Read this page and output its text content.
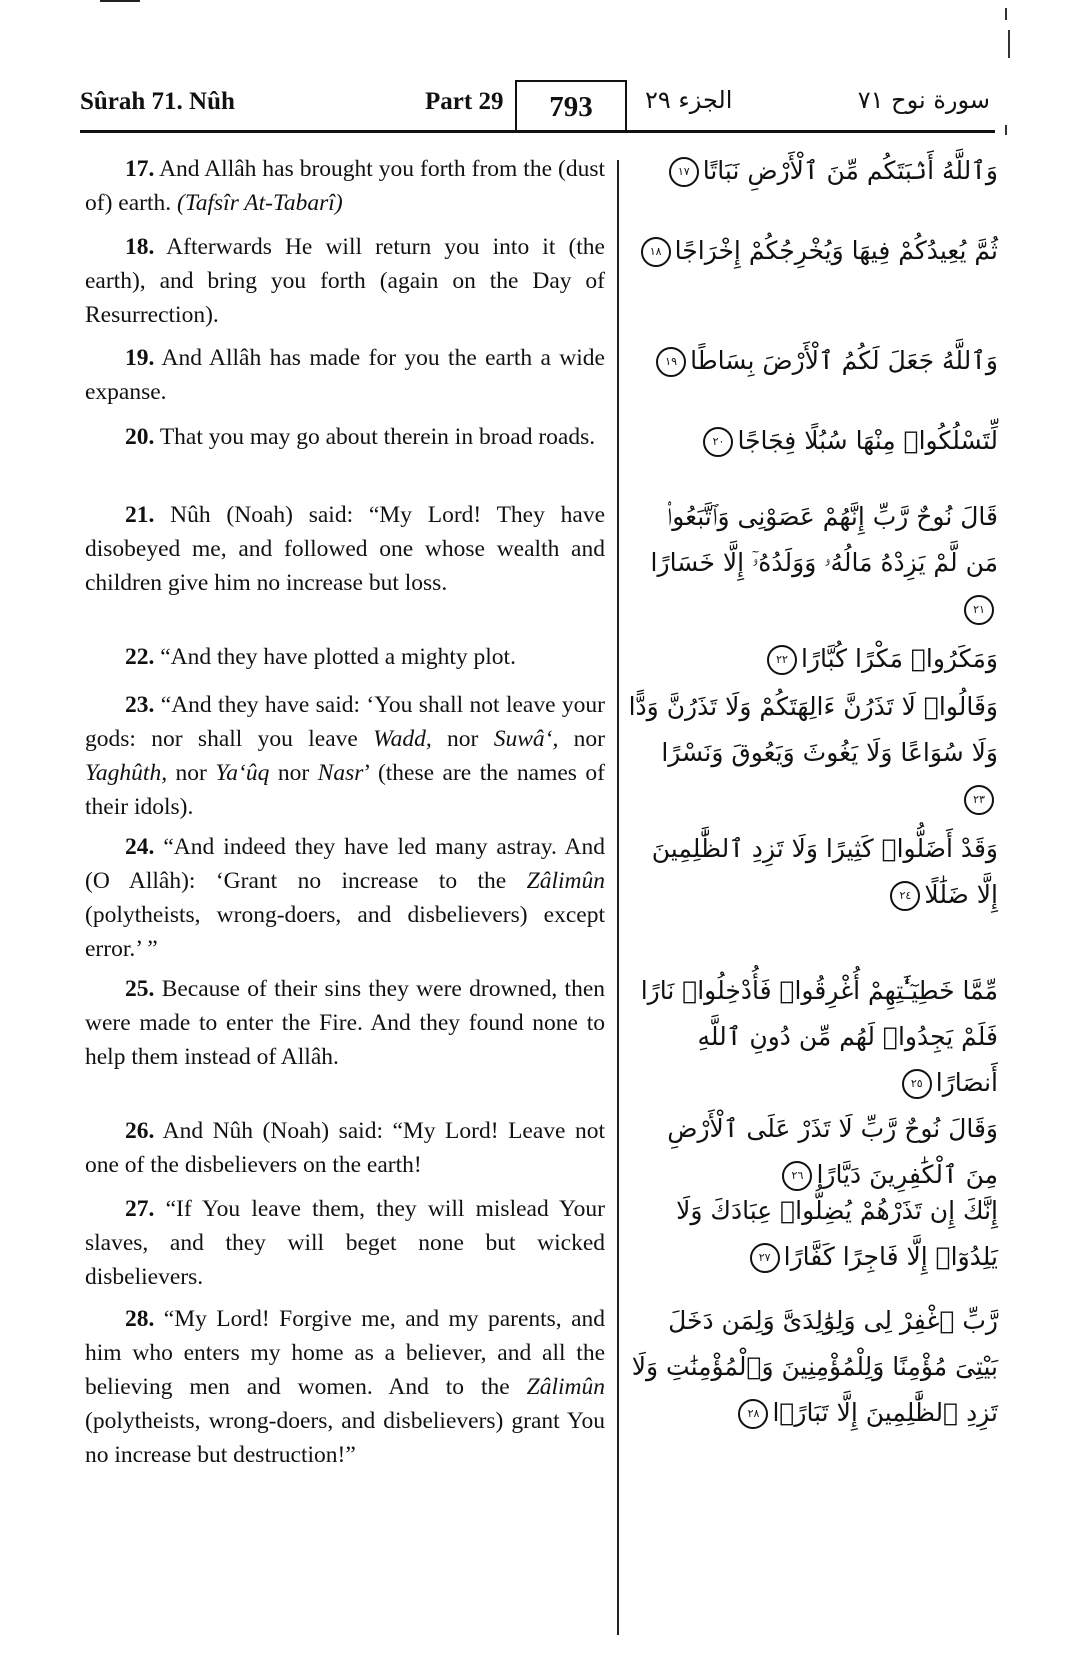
Sûrah 71. Nûh	Part 29	793	الجزء ٢٩	سورة نوح ٧١
17. And Allâh has brought you forth from the (dust of) earth. (Tafsîr At-Tabarî)
18. Afterwards He will return you into it (the earth), and bring you forth (again on the Day of Resurrection).
19. And Allâh has made for you the earth a wide expanse.
20. That you may go about therein in broad roads.
21. Nûh (Noah) said: “My Lord! They have disobeyed me, and followed one whose wealth and children give him no increase but loss.
22. “And they have plotted a mighty plot.
23. “And they have said: ‘You shall not leave your gods: nor shall you leave Wadd, nor Suwâ‘, nor Yaghûth, nor Ya‘ûq nor Nasr’ (these are the names of their idols).
24. “And indeed they have led many astray. And (O Allâh): ‘Grant no increase to the Zâlimûn (polytheists, wrong-doers, and disbelievers) except error.’ ”
25. Because of their sins they were drowned, then were made to enter the Fire. And they found none to help them instead of Allâh.
26. And Nûh (Noah) said: “My Lord! Leave not one of the disbelievers on the earth!
27. “If You leave them, they will mislead Your slaves, and they will beget none but wicked disbelievers.
28. “My Lord! Forgive me, and my parents, and him who enters my home as a believer, and all the believing men and women. And to the Zâlimûn (polytheists, wrong-doers, and disbelievers) grant You no increase but destruction!”
وَٱللَّهُ أَنۢبَتَكُم مِّنَ ٱلْأَرْضِ نَبَاتًا١٧
ثُمَّ يُعِيدُكُمْ فِيهَا وَيُخْرِجُكُمْ إِخْرَاجًا١٨
وَٱللَّهُ جَعَلَ لَكُمُ ٱلْأَرْضَ بِسَاطًا١٩
لِّتَسْلُكُوا۟ مِنْهَا سُبُلًا فِجَاجًا٢٠
قَالَ نُوحٌ رَّبِّ إِنَّهُمْ عَصَوْنِى وَٱتَّبَعُوا۟ مَن لَّمْ يَزِدْهُ مَالُهُۥ وَوَلَدُهُۥٓ إِلَّا خَسَارًا٢١
وَمَكَرُوا۟ مَكْرًا كُبَّارًا٢٢
وَقَالُوا۟ لَا تَذَرُنَّ ءَالِهَتَكُمْ وَلَا تَذَرُنَّ وَدًّا وَلَا سُوَاعًا وَلَا يَغُوثَ وَيَعُوقَ وَنَسْرًا٢٣
وَقَدْ أَضَلُّوا۟ كَثِيرًا وَلَا تَزِدِ ٱلظَّٰلِمِينَ إِلَّا ضَلَٰلًا٢٤
مِّمَّا خَطِيٓـَٰٔتِهِمْ أُغْرِقُوا۟ فَأُدْخِلُوا۟ نَارًا فَلَمْ يَجِدُوا۟ لَهُم مِّن دُونِ ٱللَّهِ أَنصَارًا٢٥
وَقَالَ نُوحٌ رَّبِّ لَا تَذَرْ عَلَى ٱلْأَرْضِ مِنَ ٱلْكَٰفِرِينَ دَيَّارًا٢٦
إِنَّكَ إِن تَذَرْهُمْ يُضِلُّوا۟ عِبَادَكَ وَلَا يَلِدُوٓا۟ إِلَّا فَاجِرًا كَفَّارًا٢٧
رَّبِّ ٱغْفِرْ لِى وَلِوَٰلِدَىَّ وَلِمَن دَخَلَ بَيْتِىَ مُؤْمِنًا وَلِلْمُؤْمِنِينَ وَٱلْمُؤْمِنَٰتِ وَلَا تَزِدِ ٱلظَّٰلِمِينَ إِلَّا تَبَارًۢا٢٨
